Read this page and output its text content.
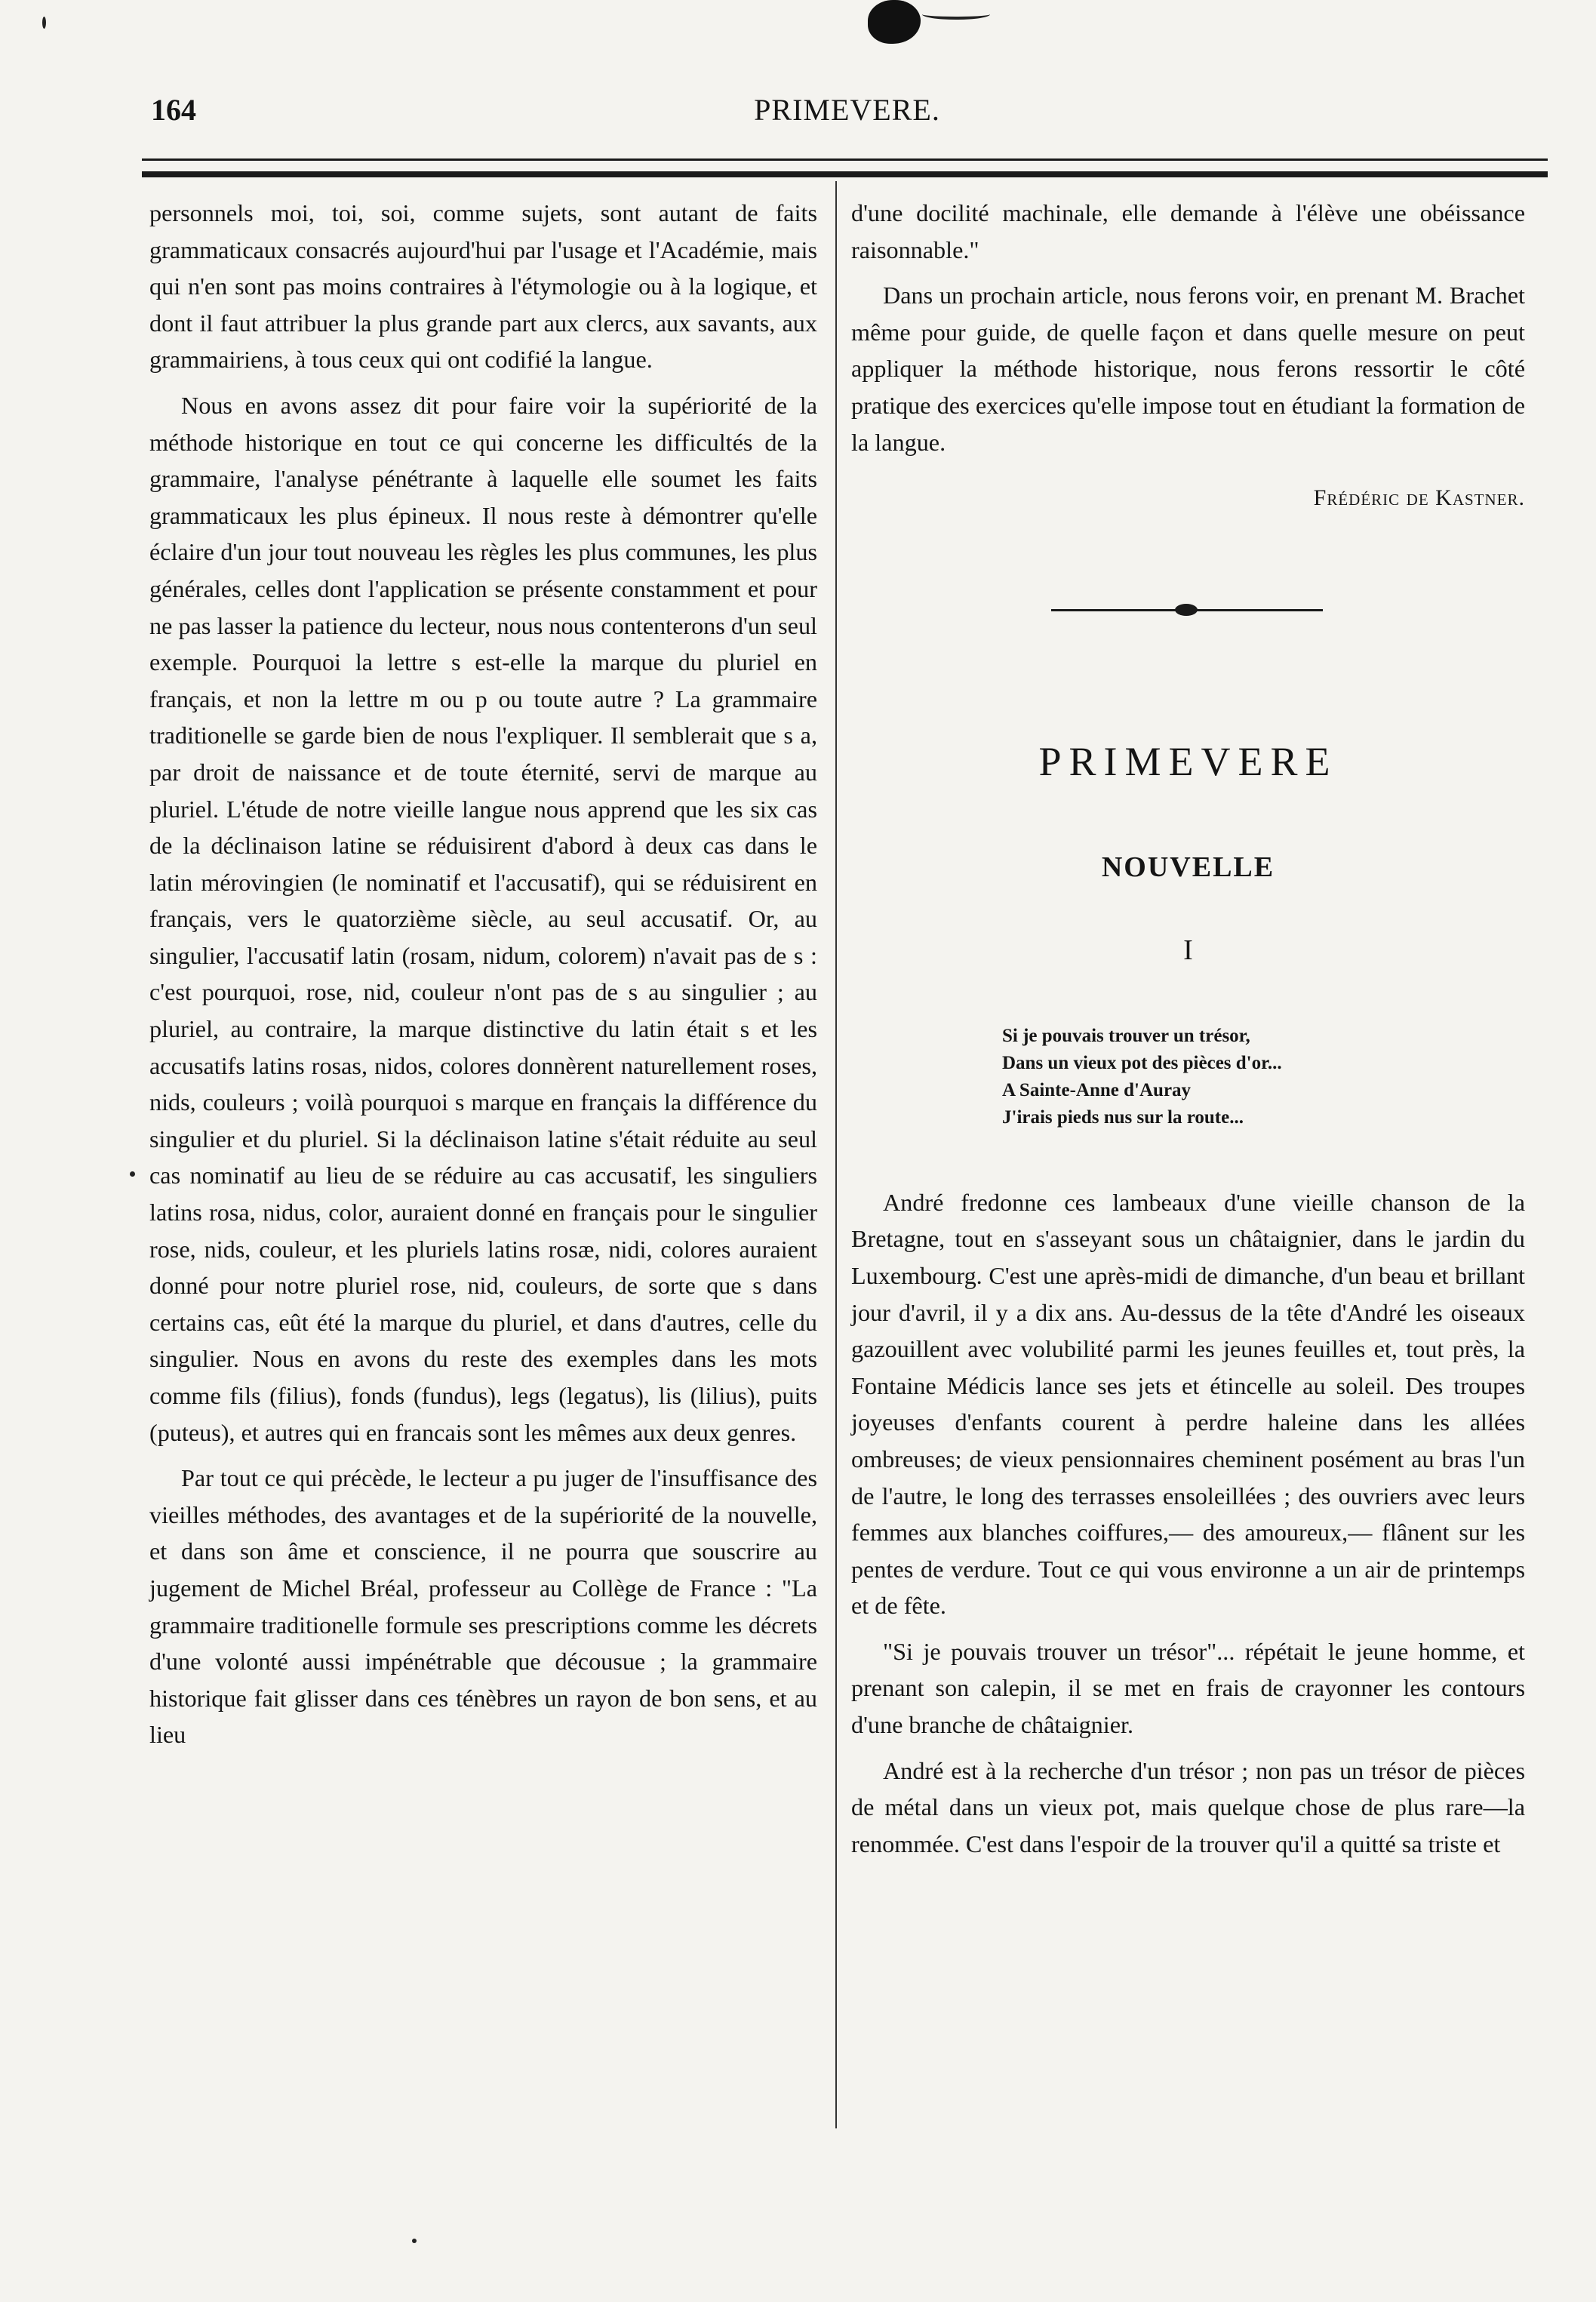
164	PRIMEVERE.

personnels moi, toi, soi, comme sujets, sont autant de faits grammaticaux consacrés aujourd'hui par l'usage et l'Académie, mais qui n'en sont pas moins contraires à l'étymologie ou à la logique, et dont il faut attribuer la plus grande part aux clercs, aux savants, aux grammairiens, à tous ceux qui ont codifié la langue.

Nous en avons assez dit pour faire voir la supériorité de la méthode historique en tout ce qui concerne les difficultés de la grammaire, l'analyse pénétrante à laquelle elle soumet les faits grammaticaux les plus épineux. Il nous reste à démontrer qu'elle éclaire d'un jour tout nouveau les règles les plus communes, les plus générales, celles dont l'application se présente constamment et pour ne pas lasser la patience du lecteur, nous nous contenterons d'un seul exemple. Pourquoi la lettre s est-elle la marque du pluriel en français, et non la lettre m ou p ou toute autre ? La grammaire traditionelle se garde bien de nous l'expliquer. Il semblerait que s a, par droit de naissance et de toute éternité, servi de marque au pluriel. L'étude de notre vieille langue nous apprend que les six cas de la déclinaison latine se réduisirent d'abord à deux cas dans le latin mérovingien (le nominatif et l'accusatif), qui se réduisirent en français, vers le quatorzième siècle, au seul accusatif. Or, au singulier, l'accusatif latin (rosam, nidum, colorem) n'avait pas de s : c'est pourquoi, rose, nid, couleur n'ont pas de s au singulier ; au pluriel, au contraire, la marque distinctive du latin était s et les accusatifs latins rosas, nidos, colores donnèrent naturellement roses, nids, couleurs ; voilà pourquoi s marque en français la différence du singulier et du pluriel. Si la déclinaison latine s'était réduite au seul cas nominatif au lieu de se réduire au cas accusatif, les singuliers latins rosa, nidus, color, auraient donné en français pour le singulier rose, nids, couleur, et les pluriels latins rosæ, nidi, colores auraient donné pour notre pluriel rose, nid, couleurs, de sorte que s dans certains cas, eût été la marque du pluriel, et dans d'autres, celle du singulier. Nous en avons du reste des exemples dans les mots comme fils (filius), fonds (fundus), legs (legatus), lis (lilius), puits (puteus), et autres qui en francais sont les mêmes aux deux genres.

Par tout ce qui précède, le lecteur a pu juger de l'insuffisance des vieilles méthodes, des avantages et de la supériorité de la nouvelle, et dans son âme et conscience, il ne pourra que souscrire au jugement de Michel Bréal, professeur au Collège de France : "La grammaire traditionelle formule ses prescriptions comme les décrets d'une volonté aussi impénétrable que décousue ; la grammaire historique fait glisser dans ces ténèbres un rayon de bon sens, et au lieu

d'une docilité machinale, elle demande à l'élève une obéissance raisonnable."

Dans un prochain article, nous ferons voir, en prenant M. Brachet même pour guide, de quelle façon et dans quelle mesure on peut appliquer la méthode historique, nous ferons ressortir le côté pratique des exercices qu'elle impose tout en étudiant la formation de la langue.

Frédéric de Kastner.
PRIMEVERE
NOUVELLE
I
Si je pouvais trouver un trésor,
Dans un vieux pot des pièces d'or...
A Sainte-Anne d'Auray
J'irais pieds nus sur la route...

André fredonne ces lambeaux d'une vieille chanson de la Bretagne, tout en s'asseyant sous un châtaignier, dans le jardin du Luxembourg. C'est une après-midi de dimanche, d'un beau et brillant jour d'avril, il y a dix ans. Au-dessus de la tête d'André les oiseaux gazouillent avec volubilité parmi les jeunes feuilles et, tout près, la Fontaine Médicis lance ses jets et étincelle au soleil. Des troupes joyeuses d'enfants courent à perdre haleine dans les allées ombreuses; de vieux pensionnaires cheminent posément au bras l'un de l'autre, le long des terrasses ensoleillées ; des ouvriers avec leurs femmes aux blanches coiffures,— des amoureux,— flânent sur les pentes de verdure. Tout ce qui vous environne a un air de printemps et de fête.

"Si je pouvais trouver un trésor"... répétait le jeune homme, et prenant son calepin, il se met en frais de crayonner les contours d'une branche de châtaignier.

André est à la recherche d'un trésor ; non pas un trésor de pièces de métal dans un vieux pot, mais quelque chose de plus rare—la renommée. C'est dans l'espoir de la trouver qu'il a quitté sa triste et
